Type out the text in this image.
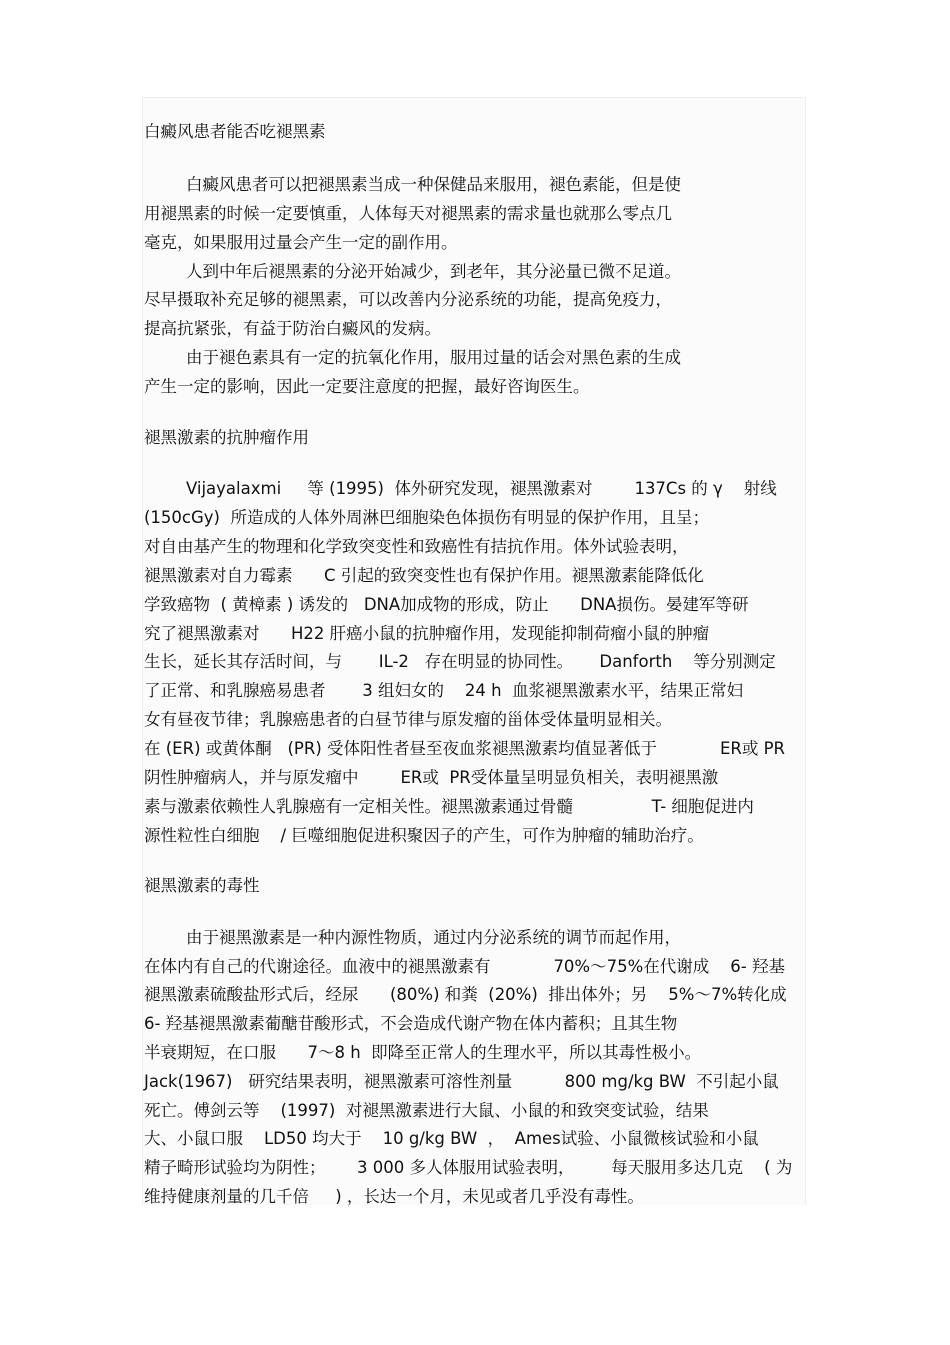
白癜风患者能否吃褪黑素
白癜风患者可以把褪黑素当成一种保健品来服用，褪色素能，但是使
用褪黑素的时候一定要慎重，人体每天对褪黑素的需求量也就那么零点几
毫克，如果服用过量会产生一定的副作用。
人到中年后褪黑素的分泌开始减少，到老年，其分泌量已微不足道。
尽早摄取补充足够的褪黑素，可以改善内分泌系统的功能，提高免疫力，
提高抗紧张，有益于防治白癜风的发病。
由于褪色素具有一定的抗氧化作用，服用过量的话会对黑色素的生成
产生一定的影响，因此一定要注意度的把握，最好咨询医生。
褪黑激素的抗肿瘤作用
Vijayalaxmi     等 (1995)  体外研究发现，褪黑激素对        137Cs 的 γ    射线
(150cGy)  所造成的人体外周淋巴细胞染色体损伤有明显的保护作用，且呈；
对自由基产生的物理和化学致突变性和致癌性有拮抗作用。体外试验表明，
褪黑激素对自力霉素      C 引起的致突变性也有保护作用。褪黑激素能降低化
学致癌物  ( 黄樟素 ) 诱发的   DNA加成物的形成，防止      DNA损伤。晏建军等研
究了褪黑激素对      H22 肝癌小鼠的抗肿瘤作用，发现能抑制荷瘤小鼠的肿瘤
生长，延长其存活时间，与       IL-2   存在明显的协同性。     Danforth    等分别测定
了正常、和乳腺癌易患者       3 组妇女的    24 h  血浆褪黑激素水平，结果正常妇
女有昼夜节律；乳腺癌患者的白昼节律与原发瘤的甾体受体量明显相关。
在 (ER) 或黄体酮   (PR) 受体阳性者昼至夜血浆褪黑激素均值显著低于            ER或 PR
阴性肿瘤病人，并与原发瘤中        ER或  PR受体量呈明显负相关，表明褪黑激
素与激素依赖性人乳腺癌有一定相关性。褪黑激素通过骨髓               T- 细胞促进内
源性粒性白细胞    / 巨噬细胞促进积聚因子的产生，可作为肿瘤的辅助治疗。
褪黑激素的毒性
由于褪黑激素是一种内源性物质，通过内分泌系统的调节而起作用，
在体内有自己的代谢途径。血液中的褪黑激素有            70%～75%在代谢成    6- 羟基
褪黑激素硫酸盐形式后，经尿      (80%) 和粪  (20%)  排出体外；另    5%～7%转化成
6- 羟基褪黑激素葡醣苷酸形式，不会造成代谢产物在体内蓄积；且其生物
半衰期短，在口服      7～8 h  即降至正常人的生理水平，所以其毒性极小。
Jack(1967)   研究结果表明，褪黑激素可溶性剂量          800 mg/kg BW  不引起小鼠
死亡。傅剑云等    (1997)  对褪黑激素进行大鼠、小鼠的和致突变试验，结果
大、小鼠口服    LD50 均大于    10 g/kg BW  ，  Ames试验、小鼠微核试验和小鼠
精子畸形试验均为阴性；      3 000 多人体服用试验表明，       每天服用多达几克    ( 为
维持健康剂量的几千倍     ) ，长达一个月，未见或者几乎没有毒性。
